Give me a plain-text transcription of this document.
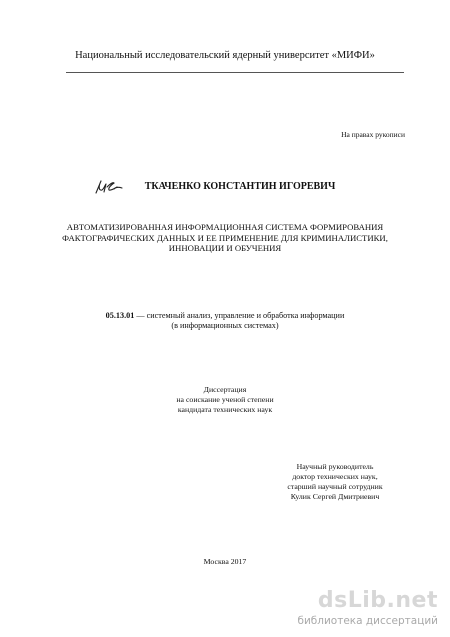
Национальный исследовательский ядерный университет «МИФИ»
На правах рукописи
ТКАЧЕНКО КОНСТАНТИН ИГОРЕВИЧ
АВТОМАТИЗИРОВАННАЯ ИНФОРМАЦИОННАЯ СИСТЕМА ФОРМИРОВАНИЯ
ФАКТОГРАФИЧЕСКИХ ДАННЫХ И ЕЕ ПРИМЕНЕНИЕ ДЛЯ КРИМИНАЛИСТИКИ,
ИННОВАЦИИ И ОБУЧЕНИЯ
05.13.01 — системный анализ, управление и обработка информации
(в информационных системах)
Диссертация
на соискание ученой степени
кандидата технических наук
Научный руководитель
доктор технических наук,
старший научный сотрудник
Кулик Сергей Дмитриевич
Москва 2017
dsLib.net
библиотека диссертаций
